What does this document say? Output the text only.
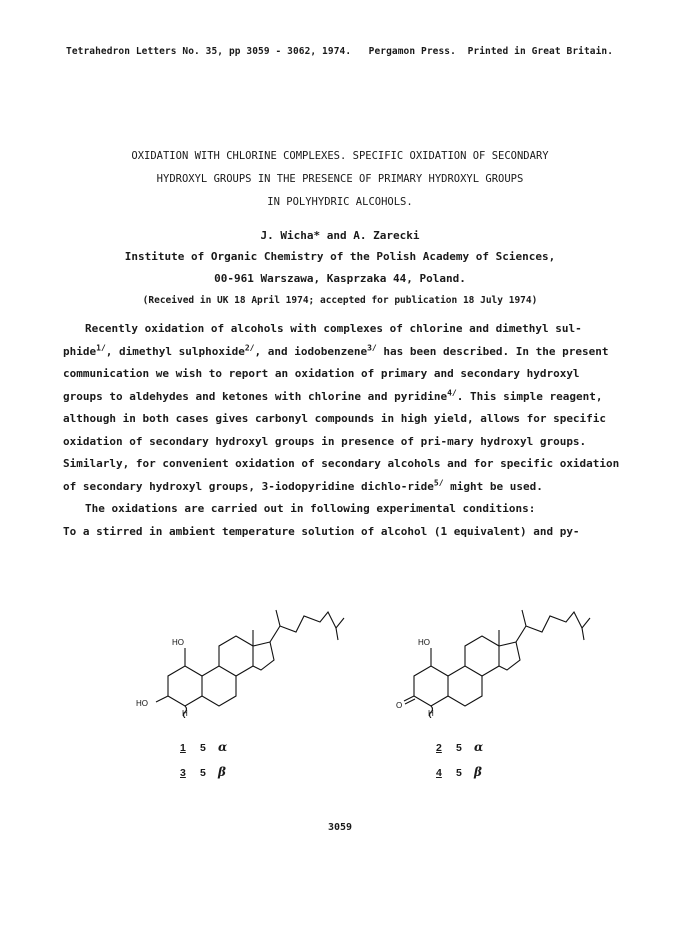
Tetrahedron Letters No. 35, pp 3059 - 3062, 1974. Pergamon Press. Printed in Great Britain.
OXIDATION WITH CHLORINE COMPLEXES. SPECIFIC OXIDATION OF SECONDARY
HYDROXYL GROUPS IN THE PRESENCE OF PRIMARY HYDROXYL GROUPS
IN POLYHYDRIC ALCOHOLS.
J. Wicha* and A. Zarecki
Institute of Organic Chemistry of the Polish Academy of Sciences,
00-961 Warszawa, Kasprzaka 44, Poland.
(Received in UK 18 April 1974; accepted for publication 18 July 1974)

Recently oxidation of alcohols with complexes of chlorine and dimethyl sul-phide$^{1/}$, dimethyl sulphoxide$^{2/}$, and iodobenzene$^{3/}$ has been described. In the present communication we wish to report an oxidation of primary and secondary hydroxyl groups to aldehydes and ketones with chlorine and pyridine$^{4/}$. This simple reagent, although in both cases gives carbonyl compounds in high yield, allows for specific oxidation of secondary hydroxyl groups in presence of pri-mary hydroxyl groups. Similarly, for convenient oxidation of secondary alcohols and for specific oxidation of secondary hydroxyl groups, 3-iodopyridine dichlo-ride$^{5/}$ might be used.

The oxidations are carried out in following experimental conditions:

To a stirred in ambient temperature solution of alcohol (1 equivalent) and py-

HO
HO
H
HO
O
H
1 5 α	2 5 α
3 5 β	4 5 β
3059
